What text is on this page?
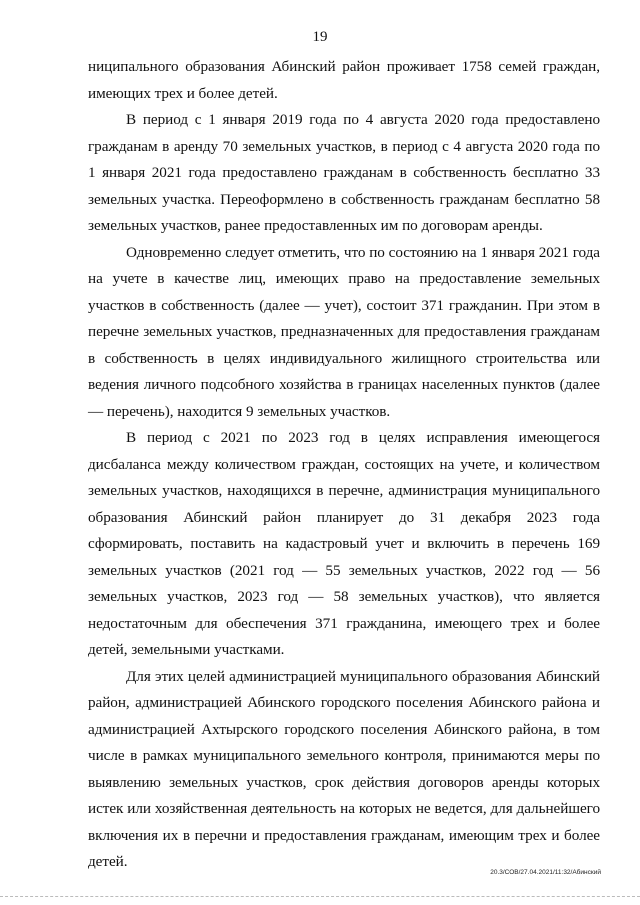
19

ниципального образования Абинский район проживает 1758 семей граждан, имеющих трех и более детей.

В период с 1 января 2019 года по 4 августа 2020 года предоставлено гражданам в аренду 70 земельных участков, в период с 4 августа 2020 года по 1 января 2021 года предоставлено гражданам в собственность бесплатно 33 земельных участка. Переоформлено в собственность гражданам бесплатно 58 земельных участков, ранее предоставленных им по договорам аренды.

Одновременно следует отметить, что по состоянию на 1 января 2021 года на учете в качестве лиц, имеющих право на предоставление земельных участков в собственность (далее — учет), состоит 371 гражданин. При этом в перечне земельных участков, предназначенных для предоставления гражданам в собственность в целях индивидуального жилищного строительства или ведения личного подсобного хозяйства в границах населенных пунктов (далее — перечень), находится 9 земельных участков.

В период с 2021 по 2023 год в целях исправления имеющегося дисбаланса между количеством граждан, состоящих на учете, и количеством земельных участков, находящихся в перечне, администрация муниципального образования Абинский район планирует до 31 декабря 2023 года сформировать, поставить на кадастровый учет и включить в перечень 169 земельных участков (2021 год — 55 земельных участков, 2022 год — 56 земельных участков, 2023 год — 58 земельных участков), что является недостаточным для обеспечения 371 гражданина, имеющего трех и более детей, земельными участками.

Для этих целей администрацией муниципального образования Абинский район, администрацией Абинского городского поселения Абинского района и администрацией Ахтырского городского поселения Абинского района, в том числе в рамках муниципального земельного контроля, принимаются меры по выявлению земельных участков, срок действия договоров аренды которых истек или хозяйственная деятельность на которых не ведется, для дальнейшего включения их в перечни и предоставления гражданам, имеющим трех и более детей.

20.3/СОВ/27.04.2021/11:32/Абинский
